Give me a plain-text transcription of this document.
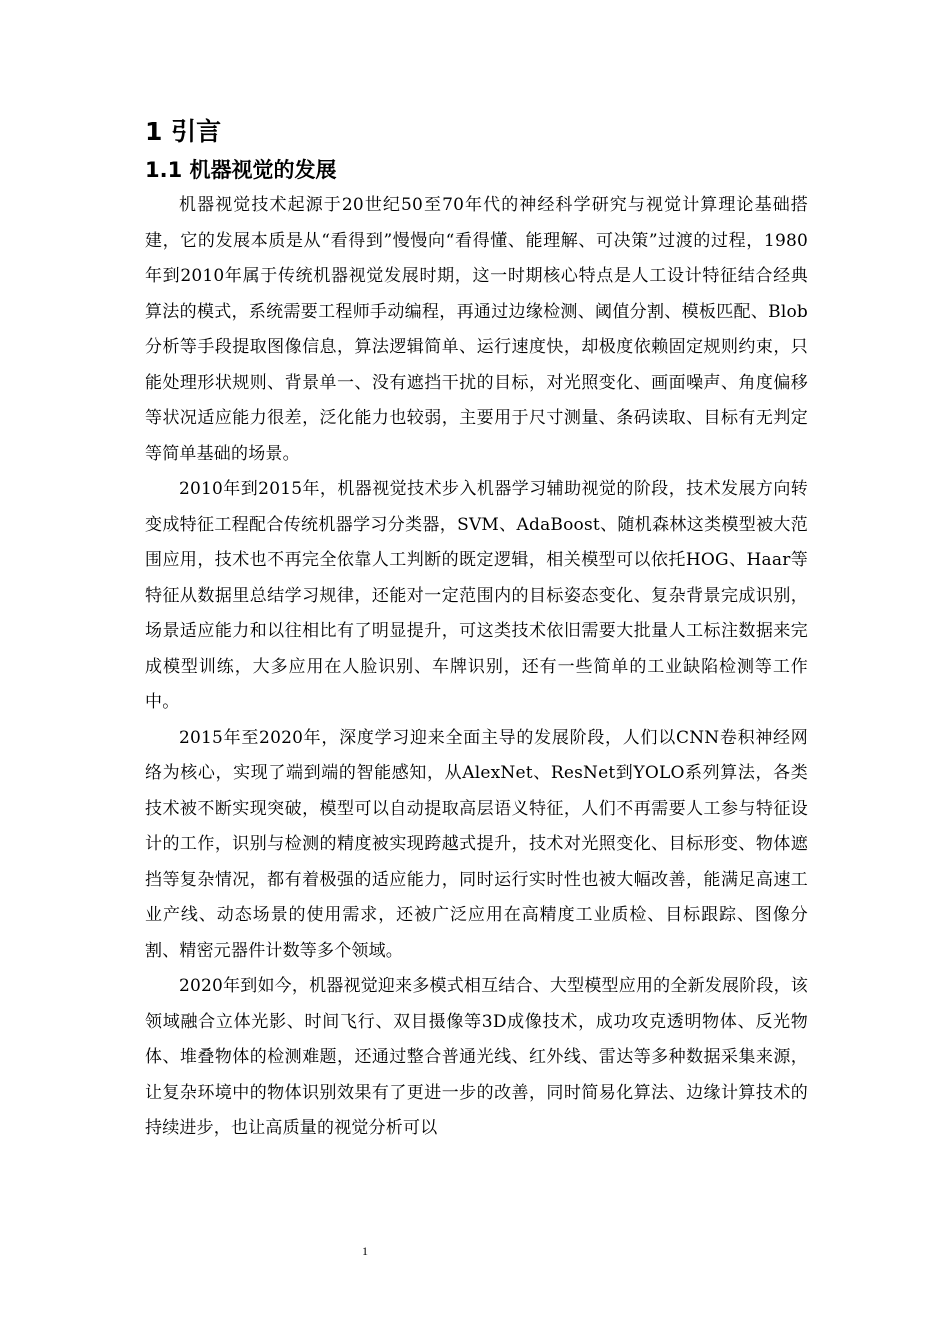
1 引言
1.1 机器视觉的发展

机器视觉技术起源于20世纪50至70年代的神经科学研究与视觉计算理论基础搭建，它的发展本质是从“看得到”慢慢向“看得懂、能理解、可决策”过渡的过程，1980年到2010年属于传统机器视觉发展时期，这一时期核心特点是人工设计特征结合经典算法的模式，系统需要工程师手动编程，再通过边缘检测、阈值分割、模板匹配、Blob分析等手段提取图像信息，算法逻辑简单、运行速度快，却极度依赖固定规则约束，只能处理形状规则、背景单一、没有遮挡干扰的目标，对光照变化、画面噪声、角度偏移等状况适应能力很差，泛化能力也较弱，主要用于尺寸测量、条码读取、目标有无判定等简单基础的场景。

2010年到2015年，机器视觉技术步入机器学习辅助视觉的阶段，技术发展方向转变成特征工程配合传统机器学习分类器，SVM、AdaBoost、随机森林这类模型被大范围应用，技术也不再完全依靠人工判断的既定逻辑，相关模型可以依托HOG、Haar等特征从数据里总结学习规律，还能对一定范围内的目标姿态变化、复杂背景完成识别，场景适应能力和以往相比有了明显提升，可这类技术依旧需要大批量人工标注数据来完成模型训练，大多应用在人脸识别、车牌识别，还有一些简单的工业缺陷检测等工作中。

2015年至2020年，深度学习迎来全面主导的发展阶段，人们以CNN卷积神经网络为核心，实现了端到端的智能感知，从AlexNet、ResNet到YOLO系列算法，各类技术被不断实现突破，模型可以自动提取高层语义特征，人们不再需要人工参与特征设计的工作，识别与检测的精度被实现跨越式提升，技术对光照变化、目标形变、物体遮挡等复杂情况，都有着极强的适应能力，同时运行实时性也被大幅改善，能满足高速工业产线、动态场景的使用需求，还被广泛应用在高精度工业质检、目标跟踪、图像分割、精密元器件计数等多个领域。

2020年到如今，机器视觉迎来多模式相互结合、大型模型应用的全新发展阶段，该领域融合立体光影、时间飞行、双目摄像等3D成像技术，成功攻克透明物体、反光物体、堆叠物体的检测难题，还通过整合普通光线、红外线、雷达等多种数据采集来源，让复杂环境中的物体识别效果有了更进一步的改善，同时简易化算法、边缘计算技术的持续进步，也让高质量的视觉分析可以

1
